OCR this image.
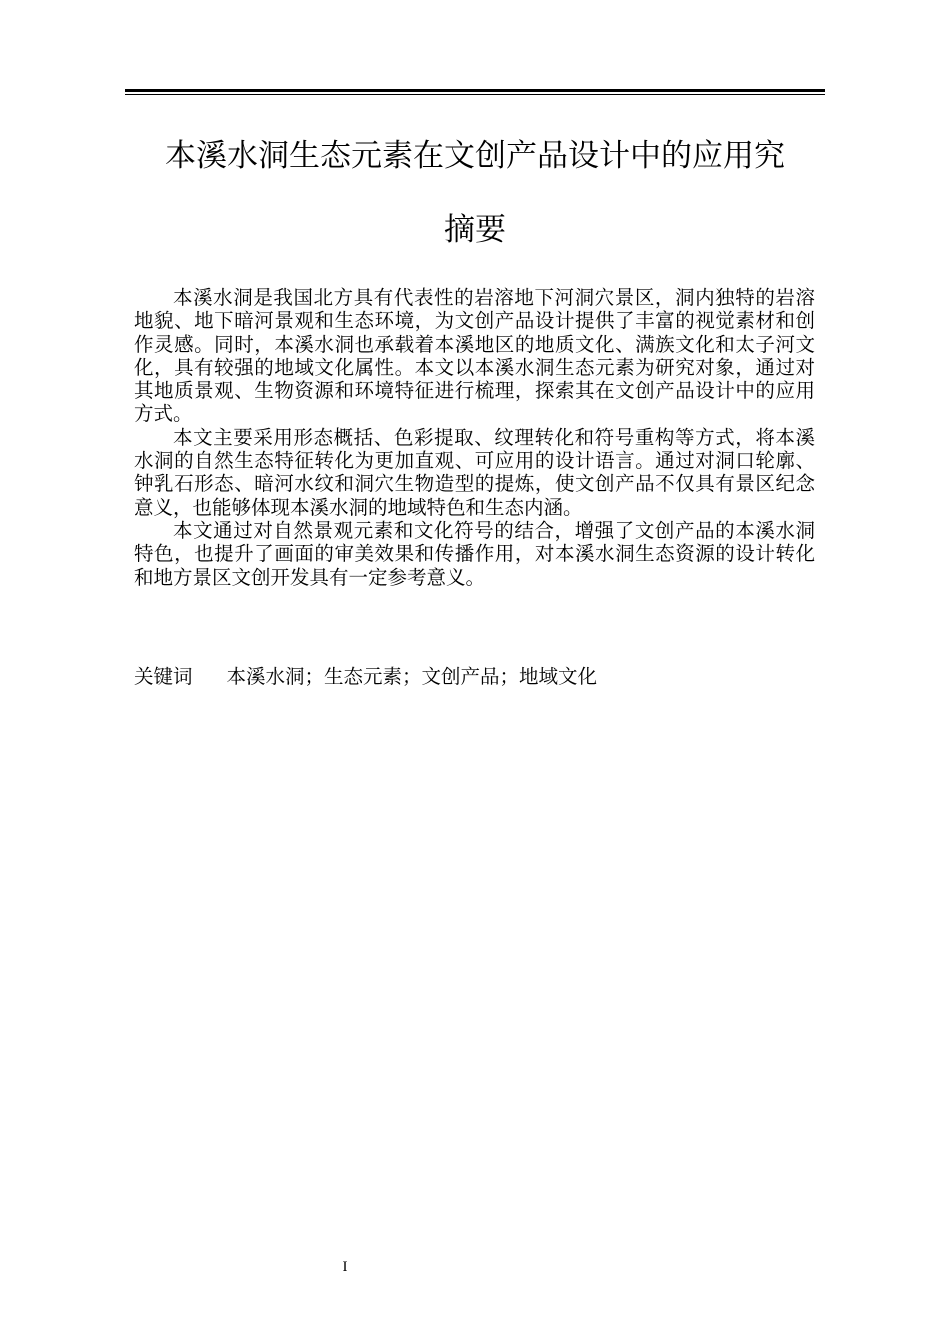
本溪水洞生态元素在文创产品设计中的应用究
摘要

本溪水洞是我国北方具有代表性的岩溶地下河洞穴景区，洞内独特的岩溶地貌、地下暗河景观和生态环境，为文创产品设计提供了丰富的视觉素材和创作灵感。同时，本溪水洞也承载着本溪地区的地质文化、满族文化和太子河文化，具有较强的地域文化属性。本文以本溪水洞生态元素为研究对象，通过对其地质景观、生物资源和环境特征进行梳理，探索其在文创产品设计中的应用方式。

本文主要采用形态概括、色彩提取、纹理转化和符号重构等方式，将本溪水洞的自然生态特征转化为更加直观、可应用的设计语言。通过对洞口轮廓、钟乳石形态、暗河水纹和洞穴生物造型的提炼，使文创产品不仅具有景区纪念意义，也能够体现本溪水洞的地域特色和生态内涵。

本文通过对自然景观元素和文化符号的结合，增强了文创产品的本溪水洞特色，也提升了画面的审美效果和传播作用，对本溪水洞生态资源的设计转化和地方景区文创开发具有一定参考意义。

关键词 本溪水洞；生态元素；文创产品；地域文化
I
